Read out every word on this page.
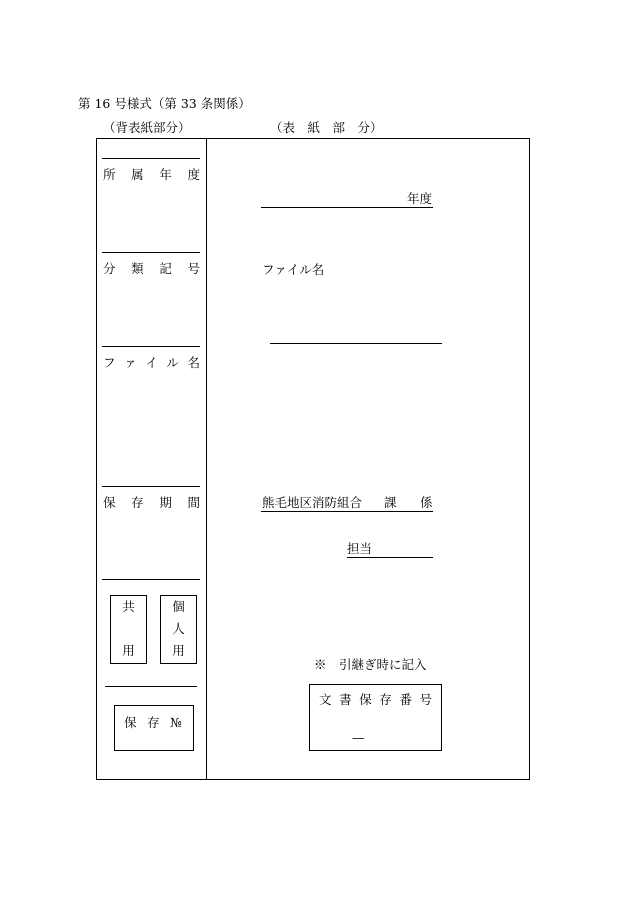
第 16 号様式（第 33 条関係）
（背表紙部分）	（表　紙　部　分）
所 属 年 度
分 類 記 号
フ ァ イ ル 名
保 存 期 間
共
用
個
人
用
保 存 №
年度
ファイル名
熊毛地区消防組合 課 係
担当
※　引継ぎ時に記入
文 書 保 存 番 号
—
